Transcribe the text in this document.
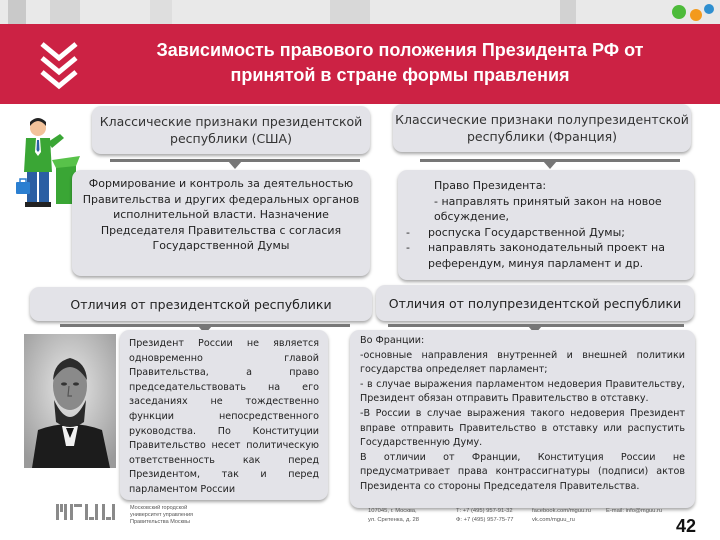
Зависимость правового положения Президента РФ от
принятой в стране формы правления
Классические признаки президентской республики (США)
Классические признаки полупрезидентской республики (Франция)
Формирование и контроль за деятельностью Правительства и других федеральных органов исполнительной власти. Назначение Председателя Правительства с согласия Государственной Думы
Право Президента:
- направлять принятый закон на новое обсуждение,
-	роспуска Государственной Думы;
-	направлять законодательный проект на референдум, минуя парламент и др.
Отличия от президентской республики	Отличия от полупрезидентской республики
Президент России не является одновременно главой Правительства, а право председательствовать на его заседаниях не тождественно функции непосредственного руководства. По Конституции Правительство несет политическую ответственность как перед Президентом, так и перед парламентом России

Во Франции:

-основные направления внутренней и внешней политики государства определяет парламент;

- в случае выражения парламентом недоверия Правительству, Президент обязан отправить Правительство в отставку.

-В России в случае выражения такого недоверия Президент вправе отправить Правительство в отставку или распустить Государственную Думу.

В отличии от Франции, Конституция России не предусматривает права контрассигнатуры (подписи) актов Президента со стороны Председателя Правительства.

Московский городской
университет управления
Правительства Москвы
107045, г. Москва,
ул. Сретенка, д. 28
Т: +7 (495) 957-91-32
Ф: +7 (495) 957-75-77
facebook.com/mguu.ru
vk.com/mguu_ru
E-mail: info@mguu.ru
42
